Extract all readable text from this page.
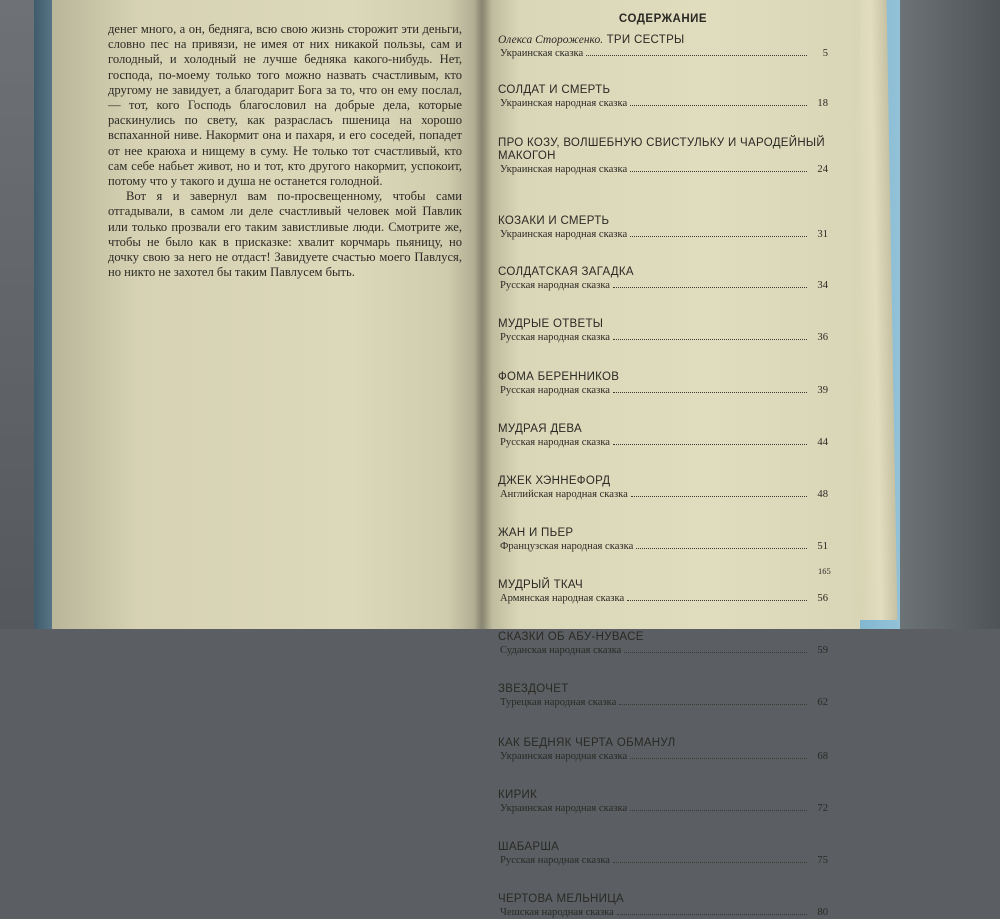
денег много, а он, бедняга, всю свою жизнь сторожит эти деньги, словно пес на привязи, не имея от них никакой пользы, сам и голодный, и холодный не лучше бедняка какого-нибудь. Нет, господа, по-моему только того можно назвать счастливым, кто другому не завидует, а благодарит Бога за то, что он ему послал, — тот, кого Господь благословил на добрые дела, которые раскинулись по свету, как разрасласъ пшеница на хорошо вспаханной ниве. Накормит она и пахаря, и его соседей, попадет от нее краюха и нищему в суму. Не только тот счастливый, кто сам себе набьет живот, но и тот, кто другого накормит, успокоит, потому что у такого и душа не останется голодной.

Вот я и завернул вам по-просвещенному, чтобы сами отгадывали, в самом ли деле счастливый человек мой Павлик или только прозвали его таким завистливые люди. Смотрите же, чтобы не было как в присказке: хвалит корчмарь пьяницу, но дочку свою за него не отдаст! Завидуете счастью моего Павлуся, но никто не захотел бы таким Павлусем быть.

СОДЕРЖАНИЕ
Олекса Стороженко. ТРИ СЕСТРЫ
Украинская сказка	5
СОЛДАТ И СМЕРТЬ
Украинская народная сказка	18
ПРО КОЗУ, ВОЛШЕБНУЮ СВИСТУЛЬКУ И ЧАРОДЕЙНЫЙ МАКОГОН
Украинская народная сказка	24
КОЗАКИ И СМЕРТЬ
Украинская народная сказка	31
СОЛДАТСКАЯ ЗАГАДКА
Русская народная сказка	34
МУДРЫЕ ОТВЕТЫ
Русская народная сказка	36
ФОМА БЕРЕННИКОВ
Русская народная сказка	39
МУДРАЯ ДЕВА
Русская народная сказка	44
ДЖЕК ХЭННЕФОРД
Английская народная сказка	48
ЖАН И ПЬЕР
Французская народная сказка	51
МУДРЫЙ ТКАЧ
Армянская народная сказка	56
СКАЗКИ ОБ АБУ-НУВАСЕ
Суданская народная сказка	59
ЗВЕЗДОЧЕТ
Турецкая народная сказка	62
КАК БЕДНЯК ЧЕРТА ОБМАНУЛ
Украинская народная сказка	68
КИРИК
Украинская народная сказка	72
ШАБАРША
Русская народная сказка	75
ЧЕРТОВА МЕЛЬНИЦА
Чешская народная сказка	80
165
